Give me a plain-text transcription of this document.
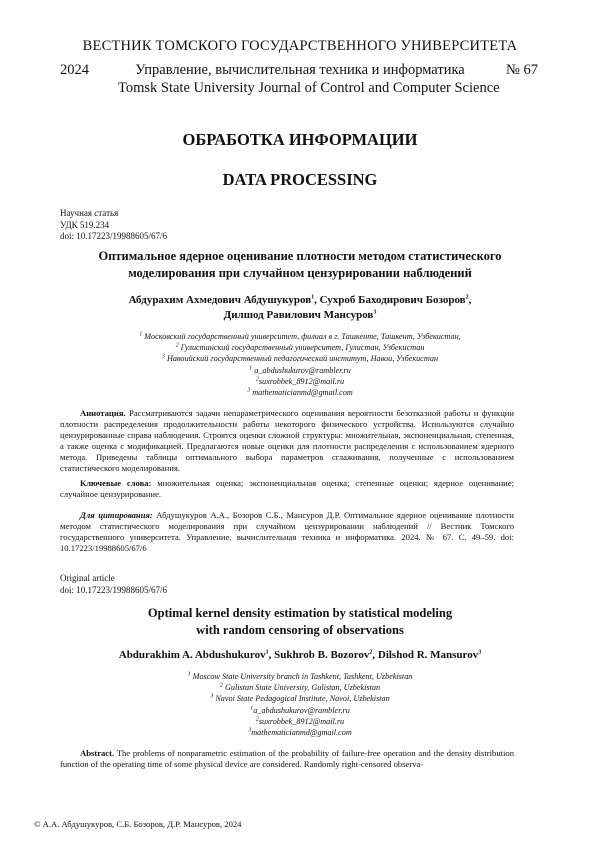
ВЕСТНИК ТОМСКОГО ГОСУДАРСТВЕННОГО УНИВЕРСИТЕТА
2024	Управление, вычислительная техника и информатика	№ 67
Tomsk State University Journal of Control and Computer Science
ОБРАБОТКА ИНФОРМАЦИИ
DATA PROCESSING
Научная статья
УДК 519.234
doi: 10.17223/19988605/67/6
Оптимальное ядерное оценивание плотности методом статистического
моделирования при случайном цензурировании наблюдений
Абдурахим Ахмедович Абдушукуров$^1$, Сухроб Баходирович Бозоров$^2$,
Дилшод Равилович Мансуров$^3$
$^1$ Московский государственный университет, филиал в г. Ташкенте, Ташкент, Узбекистан,
$^2$ Гулистанский государственный университет, Гулистан, Узбекистан
$^3$ Навоийский государственный педагогический институт, Навои, Узбекистан
$^1$ a_abdushukurov@rambler.ru
$^2$suxrobbek_8912@mail.ru
$^3$ mathematicianmd@gmail.com
Аннотация. Рассматриваются задачи непараметрического оценивания вероятности безотказной работы и функции плотности распределения продолжительности работы некоторого физического устройства. Используются случайно цензурированные справа наблюдения. Строятся оценки сложной структуры: множительная, экспоненциальная, степенная, а также оценка с модификацией. Предлагаются новые оценки для плотности распределения с использованием ядерного метода. Приведены таблицы оптимального выбора параметров сглаживания, полученные с использованием статистического моделирования.
Ключевые слова: множительная оценка; экспоненциальная оценка; степенные оценки; ядерное оценивание; случайное цензурирование.
Для цитирования: Абдушукуров А.А., Бозоров С.Б., Мансуров Д.Р. Оптимальное ядерное оценивание плотности методом статистического моделирования при случайном цензурировании наблюдений // Вестник Томского государственного университета. Управление, вычислительная техника и информатика. 2024. № 67. С. 49–59. doi: 10.17223/19988605/67/6
Original article
doi: 10.17223/19988605/67/6
Optimal kernel density estimation by statistical modeling
with random censoring of observations
Abdurakhim A. Abdushukurov$^1$, Sukhrob B. Bozorov$^2$, Dilshod R. Mansurov$^3$
$^1$ Moscow State University branch in Tashkent, Tashkent, Uzbekistan
$^2$ Gulistan State University, Gulistan, Uzbekistan
$^3$ Navoi State Pedagogical Institute, Navoi, Uzbekistan
$^1$a_abdushukurov@rambler.ru
$^2$suxrobbek_8912@mail.ru
$^3$mathematicianmd@gmail.com
Abstract. The problems of nonparametric estimation of the probability of failure-free operation and the density distribution function of the operating time of some physical device are considered. Randomly right-censored observa-
© А.А. Абдушукуров, С.Б. Бозоров, Д.Р. Мансуров, 2024
